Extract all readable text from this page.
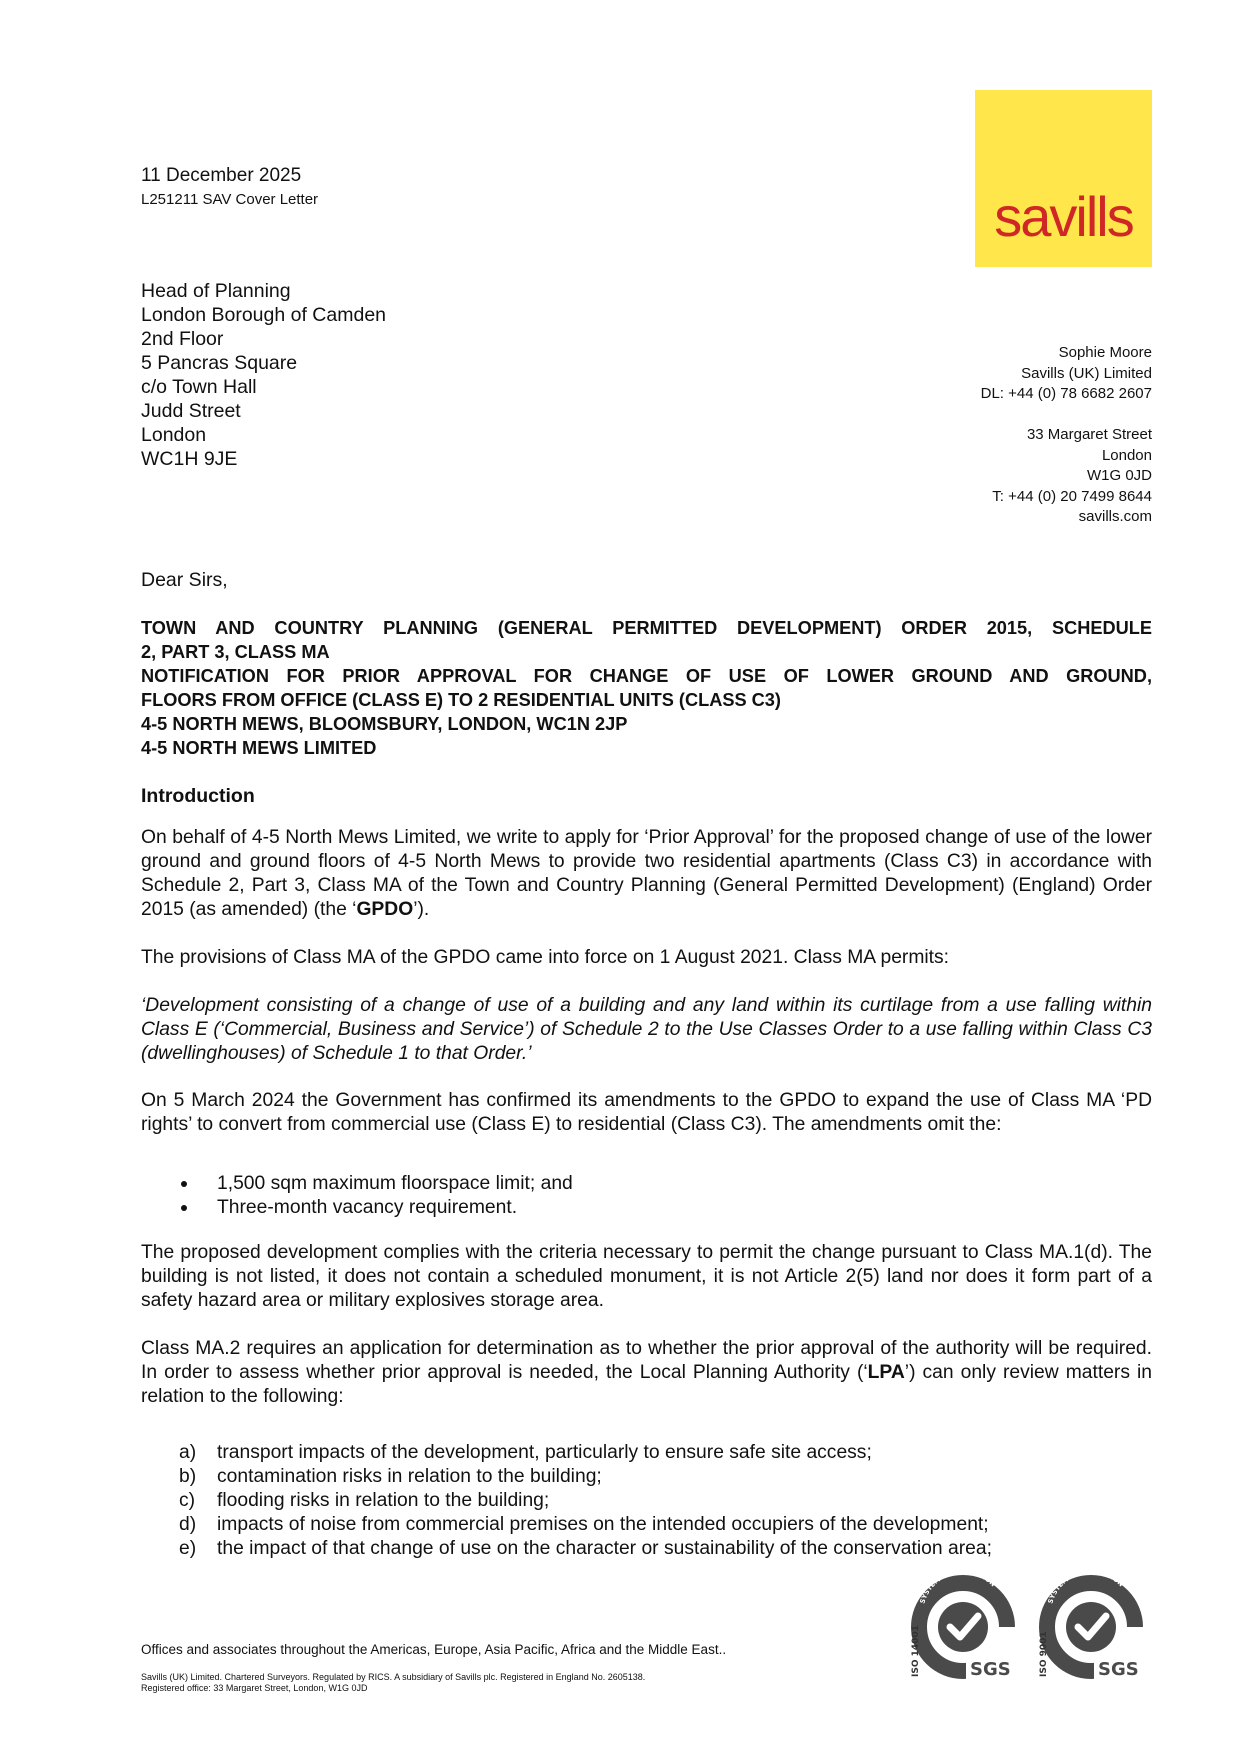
11 December 2025
L251211 SAV Cover Letter	savills
Head of Planning
London Borough of Camden
2nd Floor
5 Pancras Square
c/o Town Hall
Judd Street
London
WC1H 9JE
Sophie Moore
Savills (UK) Limited
DL: +44 (0) 78 6682 2607
33 Margaret Street
London
W1G 0JD
T: +44 (0) 20 7499 8644
savills.com
Dear Sirs,
TOWN AND COUNTRY PLANNING (GENERAL PERMITTED DEVELOPMENT) ORDER 2015, SCHEDULE
2, PART 3, CLASS MA
NOTIFICATION FOR PRIOR APPROVAL FOR CHANGE OF USE OF LOWER GROUND AND GROUND,
FLOORS FROM OFFICE (CLASS E) TO 2 RESIDENTIAL UNITS (CLASS C3)
4-5 NORTH MEWS, BLOOMSBURY, LONDON, WC1N 2JP
4-5 NORTH MEWS LIMITED
Introduction
On behalf of 4-5 North Mews Limited, we write to apply for ‘Prior Approval’ for the proposed change of use of the lower ground and ground floors of 4-5 North Mews to provide two residential apartments (Class C3) in accordance with Schedule 2, Part 3, Class MA of the Town and Country Planning (General Permitted Development) (England) Order 2015 (as amended) (the ‘GPDO’).
The provisions of Class MA of the GPDO came into force on 1 August 2021. Class MA permits:
‘Development consisting of a change of use of a building and any land within its curtilage from a use falling within Class E (‘Commercial, Business and Service’) of Schedule 2 to the Use Classes Order to a use falling within Class C3 (dwellinghouses) of Schedule 1 to that Order.’
On 5 March 2024 the Government has confirmed its amendments to the GPDO to expand the use of Class MA ‘PD rights’ to convert from commercial use (Class E) to residential (Class C3). The amendments omit the:
1,500 sqm maximum floorspace limit; and
Three-month vacancy requirement.
The proposed development complies with the criteria necessary to permit the change pursuant to Class MA.1(d). The building is not listed, it does not contain a scheduled monument, it is not Article 2(5) land nor does it form part of a safety hazard area or military explosives storage area.
Class MA.2 requires an application for determination as to whether the prior approval of the authority will be required. In order to assess whether prior approval is needed, the Local Planning Authority (‘LPA’) can only review matters in relation to the following:
a) transport impacts of the development, particularly to ensure safe site access;
b) contamination risks in relation to the building;
c) flooding risks in relation to the building;
d) impacts of noise from commercial premises on the intended occupiers of the development;
e) the impact of that change of use on the character or sustainability of the conservation area;
Offices and associates throughout the Americas, Europe, Asia Pacific, Africa and the Middle East..
Savills (UK) Limited. Chartered Surveyors. Regulated by RICS. A subsidiary of Savills plc. Registered in England No. 2605138.
Registered office: 33 Margaret Street, London, W1G 0JD
SYSTEM CERTIFICATION
ISO 14001	SGS
SYSTEM CERTIFICATION
ISO 9001	SGS
